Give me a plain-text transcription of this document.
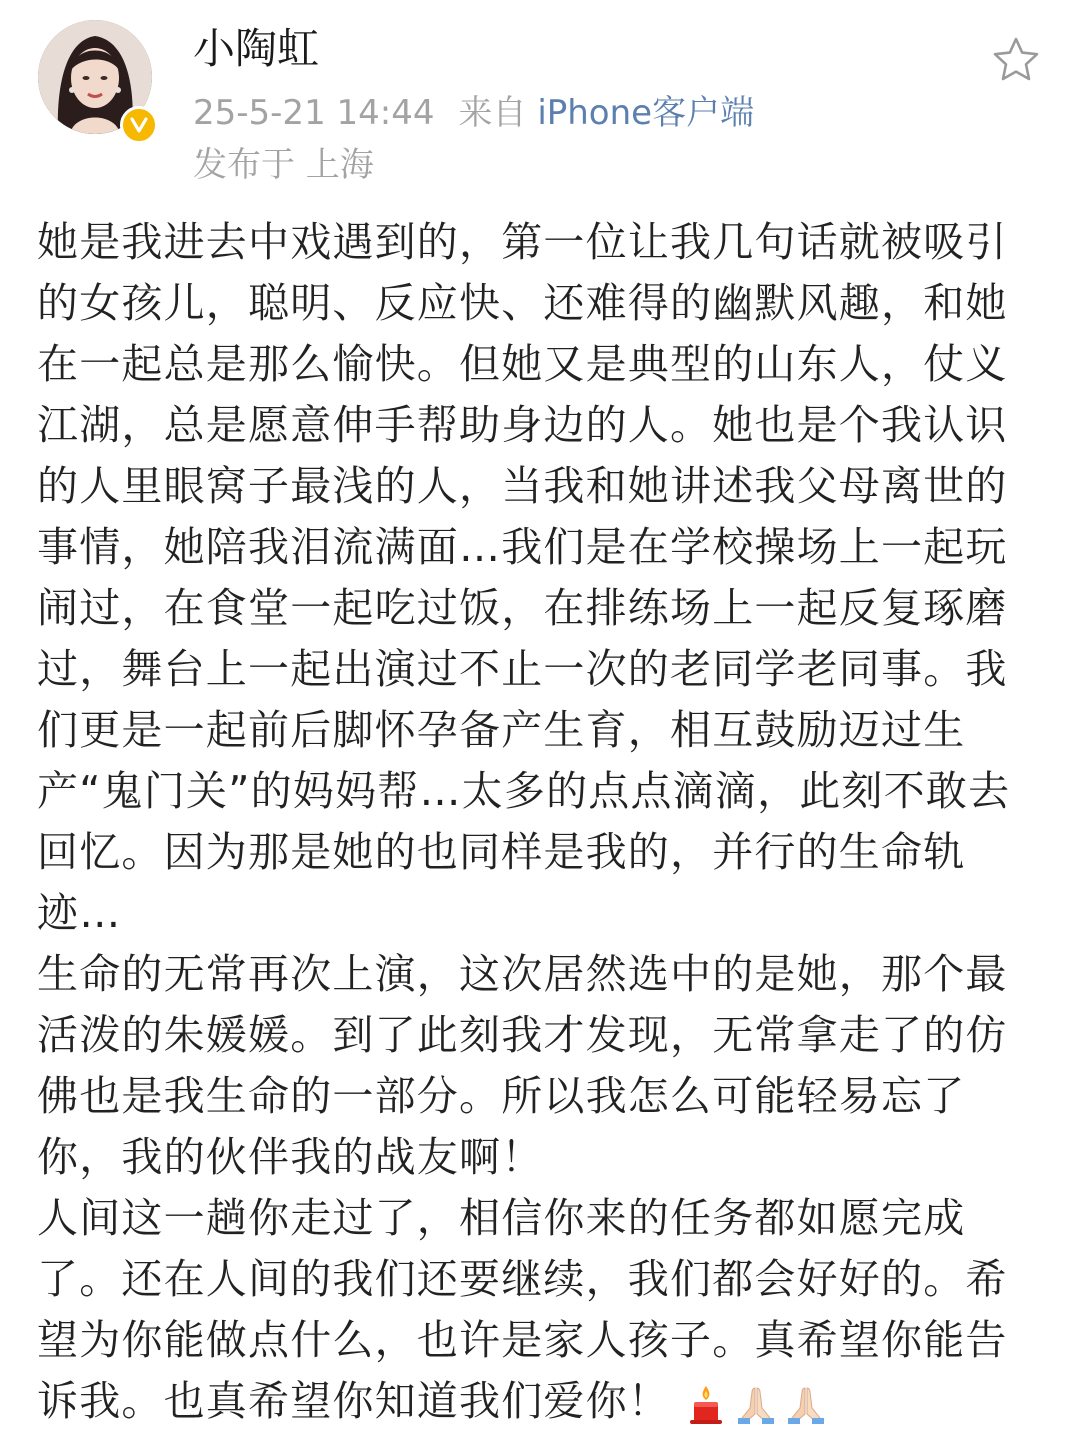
小陶虹
25-5-21 14:44 来自 iPhone客户端
发布于 上海

她是我进去中戏遇到的，第一位让我几句话就被吸引的女孩儿，聪明、反应快、还难得的幽默风趣，和她在一起总是那么愉快。但她又是典型的山东人，仗义江湖，总是愿意伸手帮助身边的人。她也是个我认识的人里眼窝子最浅的人，当我和她讲述我父母离世的事情，她陪我泪流满面…我们是在学校操场上一起玩闹过，在食堂一起吃过饭，在排练场上一起反复琢磨过，舞台上一起出演过不止一次的老同学老同事。我们更是一起前后脚怀孕备产生育，相互鼓励迈过生产“鬼门关”的妈妈帮…太多的点点滴滴，此刻不敢去回忆。因为那是她的也同样是我的，并行的生命轨迹…

生命的无常再次上演，这次居然选中的是她，那个最活泼的朱媛媛。到了此刻我才发现，无常拿走了的仿佛也是我生命的一部分。所以我怎么可能轻易忘了你，我的伙伴我的战友啊！

人间这一趟你走过了，相信你来的任务都如愿完成了。还在人间的我们还要继续，我们都会好好的。希望为你能做点什么，也许是家人孩子。真希望你能告诉我。也真希望你知道我们爱你！
